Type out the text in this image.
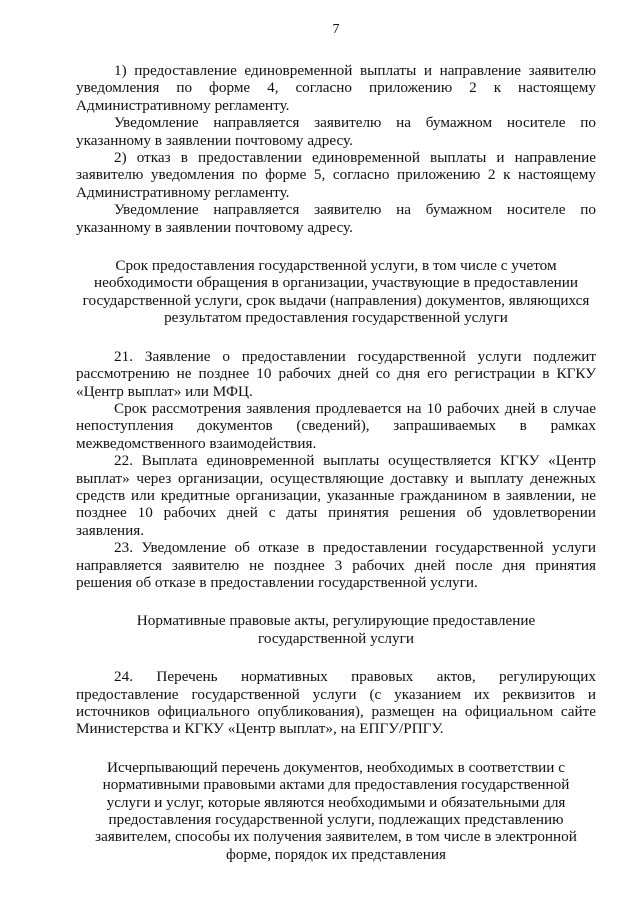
7

1) предоставление единовременной выплаты и направление заявителю уведомления по форме 4, согласно приложению 2 к настоящему Административному регламенту.

Уведомление направляется заявителю на бумажном носителе по указанному в заявлении почтовому адресу.

2) отказ в предоставлении единовременной выплаты и направление заявителю уведомления по форме 5, согласно приложению 2 к настоящему Административному регламенту.

Уведомление направляется заявителю на бумажном носителе по указанному в заявлении почтовому адресу.

Срок предоставления государственной услуги, в том числе с учетом необходимости обращения в организации, участвующие в предоставлении государственной услуги, срок выдачи (направления) документов, являющихся результатом предоставления государственной услуги

21. Заявление о предоставлении государственной услуги подлежит рассмотрению не позднее 10 рабочих дней со дня его регистрации в КГКУ «Центр выплат» или МФЦ.

Срок рассмотрения заявления продлевается на 10 рабочих дней в случае непоступления документов (сведений), запрашиваемых в рамках межведомственного взаимодействия.

22. Выплата единовременной выплаты осуществляется КГКУ «Центр выплат» через организации, осуществляющие доставку и выплату денежных средств или кредитные организации, указанные гражданином в заявлении, не позднее 10 рабочих дней с даты принятия решения об удовлетворении заявления.

23. Уведомление об отказе в предоставлении государственной услуги направляется заявителю не позднее 3 рабочих дней после дня принятия решения об отказе в предоставлении государственной услуги.

Нормативные правовые акты, регулирующие предоставление государственной услуги

24. Перечень нормативных правовых актов, регулирующих предоставление государственной услуги (с указанием их реквизитов и источников официального опубликования), размещен на официальном сайте Министерства и КГКУ «Центр выплат», на ЕПГУ/РПГУ.

Исчерпывающий перечень документов, необходимых в соответствии с нормативными правовыми актами для предоставления государственной услуги и услуг, которые являются необходимыми и обязательными для предоставления государственной услуги, подлежащих представлению заявителем, способы их получения заявителем, в том числе в электронной форме, порядок их представления
